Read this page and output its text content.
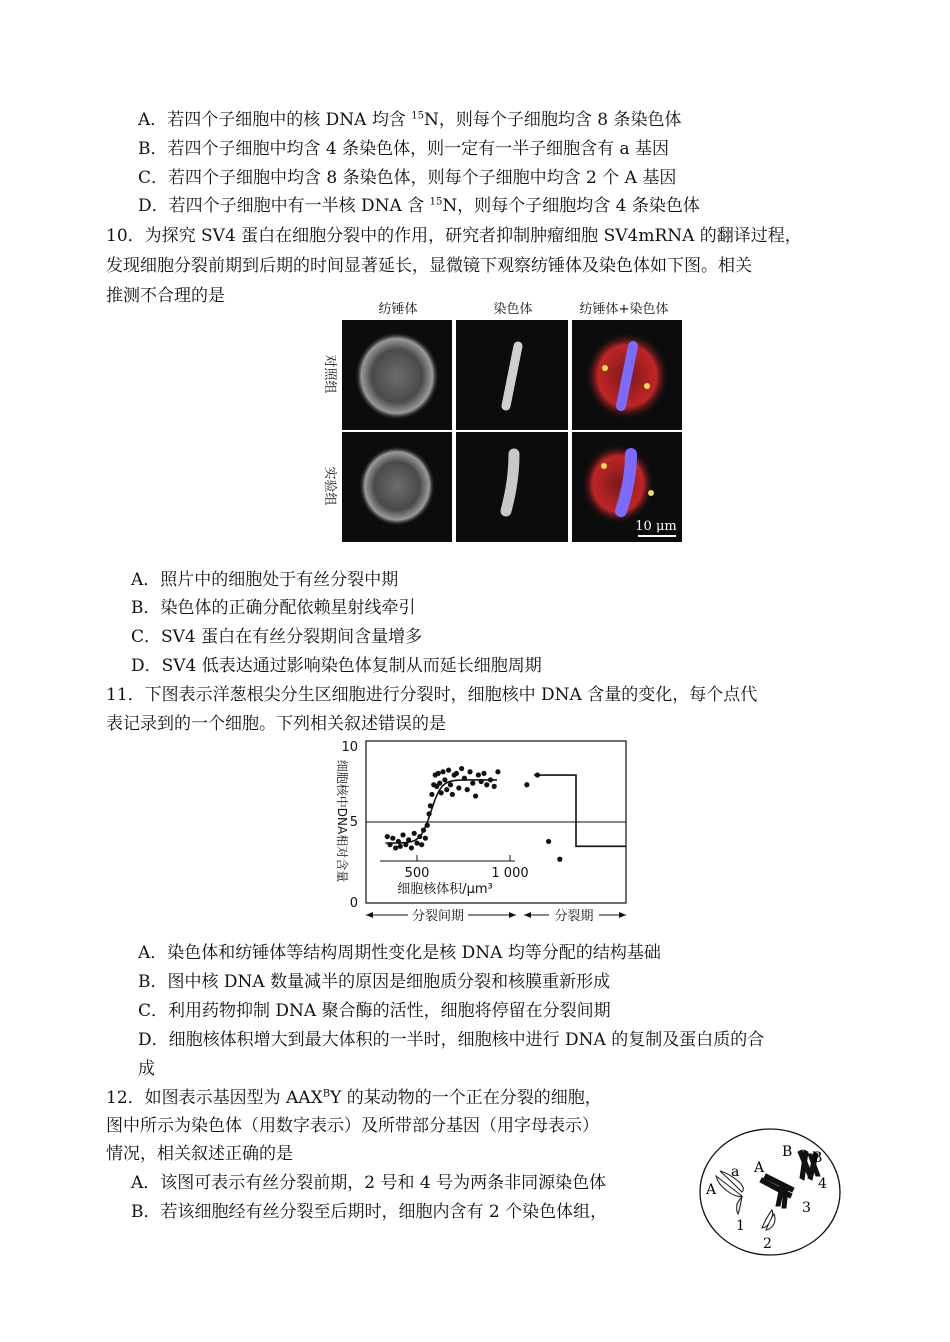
A．若四个子细胞中的核 DNA 均含 $^{15}$N，则每个子细胞均含 8 条染色体
B．若四个子细胞中均含 4 条染色体，则一定有一半子细胞含有 a 基因
C．若四个子细胞中均含 8 条染色体，则每个子细胞中均含 2 个 A 基因
D．若四个子细胞中有一半核 DNA 含 $^{15}$N，则每个子细胞均含 4 条染色体
10．为探究 SV4 蛋白在细胞分裂中的作用，研究者抑制肿瘤细胞 SV4mRNA 的翻译过程，
发现细胞分裂前期到后期的时间显著延长，显微镜下观察纺锤体及染色体如下图。相关
推测不合理的是
纺锤体	染色体	纺锤体+染色体
对照组
实验组
10 μm
A．照片中的细胞处于有丝分裂中期
B．染色体的正确分配依赖星射线牵引
C．SV4 蛋白在有丝分裂期间含量增多
D．SV4 低表达通过影响染色体复制从而延长细胞周期
11．下图表示洋葱根尖分生区细胞进行分裂时，细胞核中 DNA 含量的变化，每个点代
表记录到的一个细胞。下列相关叙述错误的是
细胞核中DNA相对含量
10
5
0
500	1 000
细胞核体积/μm³
分裂间期	分裂期
A．染色体和纺锤体等结构周期性变化是核 DNA 均等分配的结构基础
B．图中核 DNA 数量减半的原因是细胞质分裂和核膜重新形成
C．利用药物抑制 DNA 聚合酶的活性，细胞将停留在分裂间期
D．细胞核体积增大到最大体积的一半时，细胞核中进行 DNA 的复制及蛋白质的合
成
12．如图表示基因型为 $AAX^BY$ 的某动物的一个正在分裂的细胞，
图中所示为染色体（用数字表示）及所带部分基因（用字母表示）
情况，相关叙述正确的是
A．该图可表示有丝分裂前期，2 号和 4 号为两条非同源染色体
B．若该细胞经有丝分裂至后期时，细胞内含有 2 个染色体组，
A
a
1
2
A
3
B B
4
